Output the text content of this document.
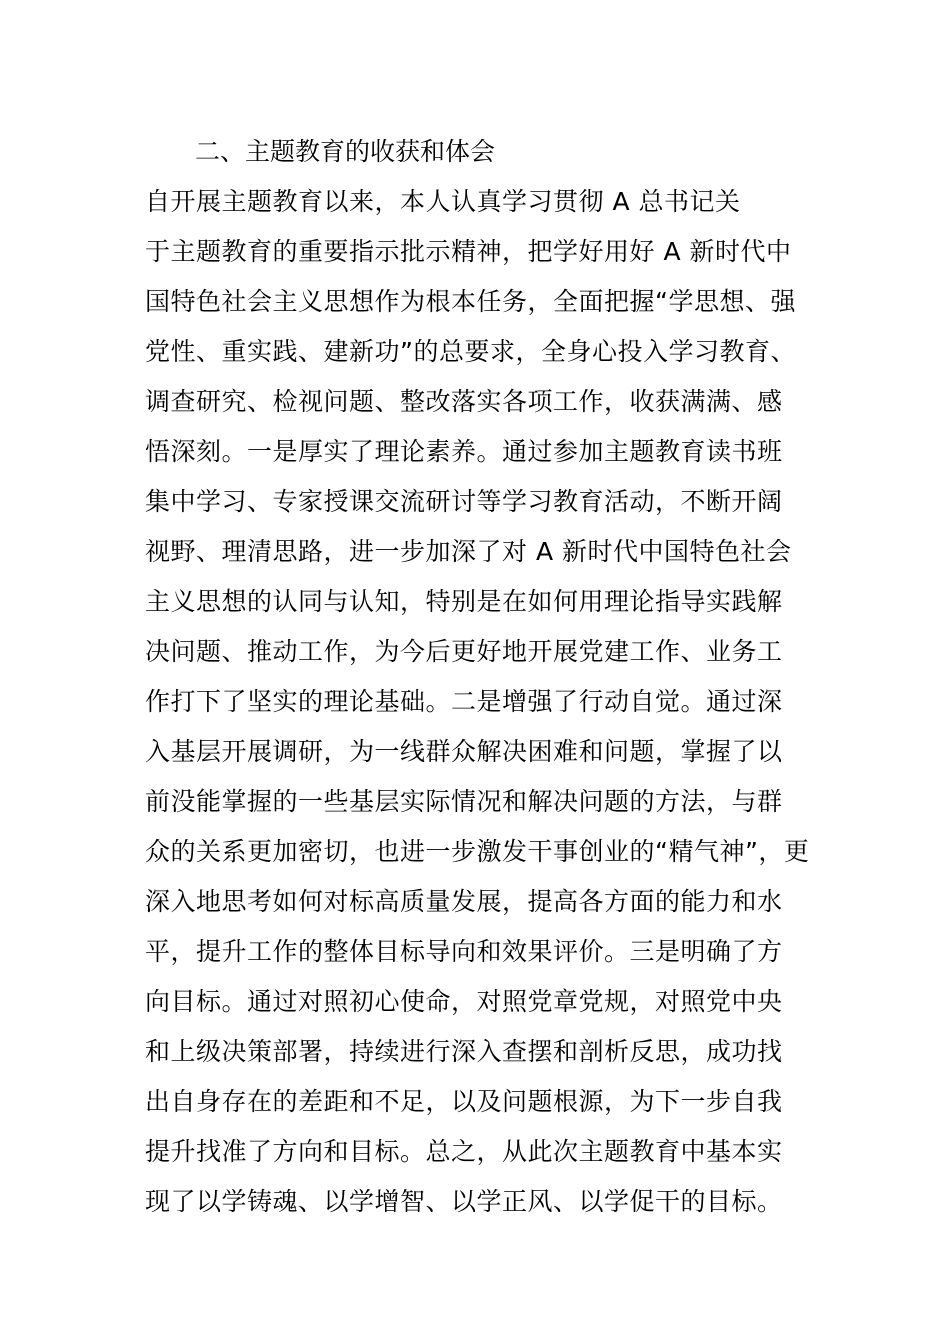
二、主题教育的收获和体会
自开展主题教育以来，本人认真学习贯彻 A 总书记关
于主题教育的重要指示批示精神，把学好用好 A 新时代中
国特色社会主义思想作为根本任务，全面把握“学思想、强
党性、重实践、建新功”的总要求，全身心投入学习教育、
调查研究、检视问题、整改落实各项工作，收获满满、感
悟深刻。一是厚实了理论素养。通过参加主题教育读书班
集中学习、专家授课交流研讨等学习教育活动，不断开阔
视野、理清思路，进一步加深了对 A 新时代中国特色社会
主义思想的认同与认知，特别是在如何用理论指导实践解
决问题、推动工作，为今后更好地开展党建工作、业务工
作打下了坚实的理论基础。二是增强了行动自觉。通过深
入基层开展调研，为一线群众解决困难和问题，掌握了以
前没能掌握的一些基层实际情况和解决问题的方法，与群
众的关系更加密切，也进一步激发干事创业的“精气神”，更
深入地思考如何对标高质量发展，提高各方面的能力和水
平，提升工作的整体目标导向和效果评价。三是明确了方
向目标。通过对照初心使命，对照党章党规，对照党中央
和上级决策部署，持续进行深入查摆和剖析反思，成功找
出自身存在的差距和不足，以及问题根源，为下一步自我
提升找准了方向和目标。总之，从此次主题教育中基本实
现了以学铸魂、以学增智、以学正风、以学促干的目标。
